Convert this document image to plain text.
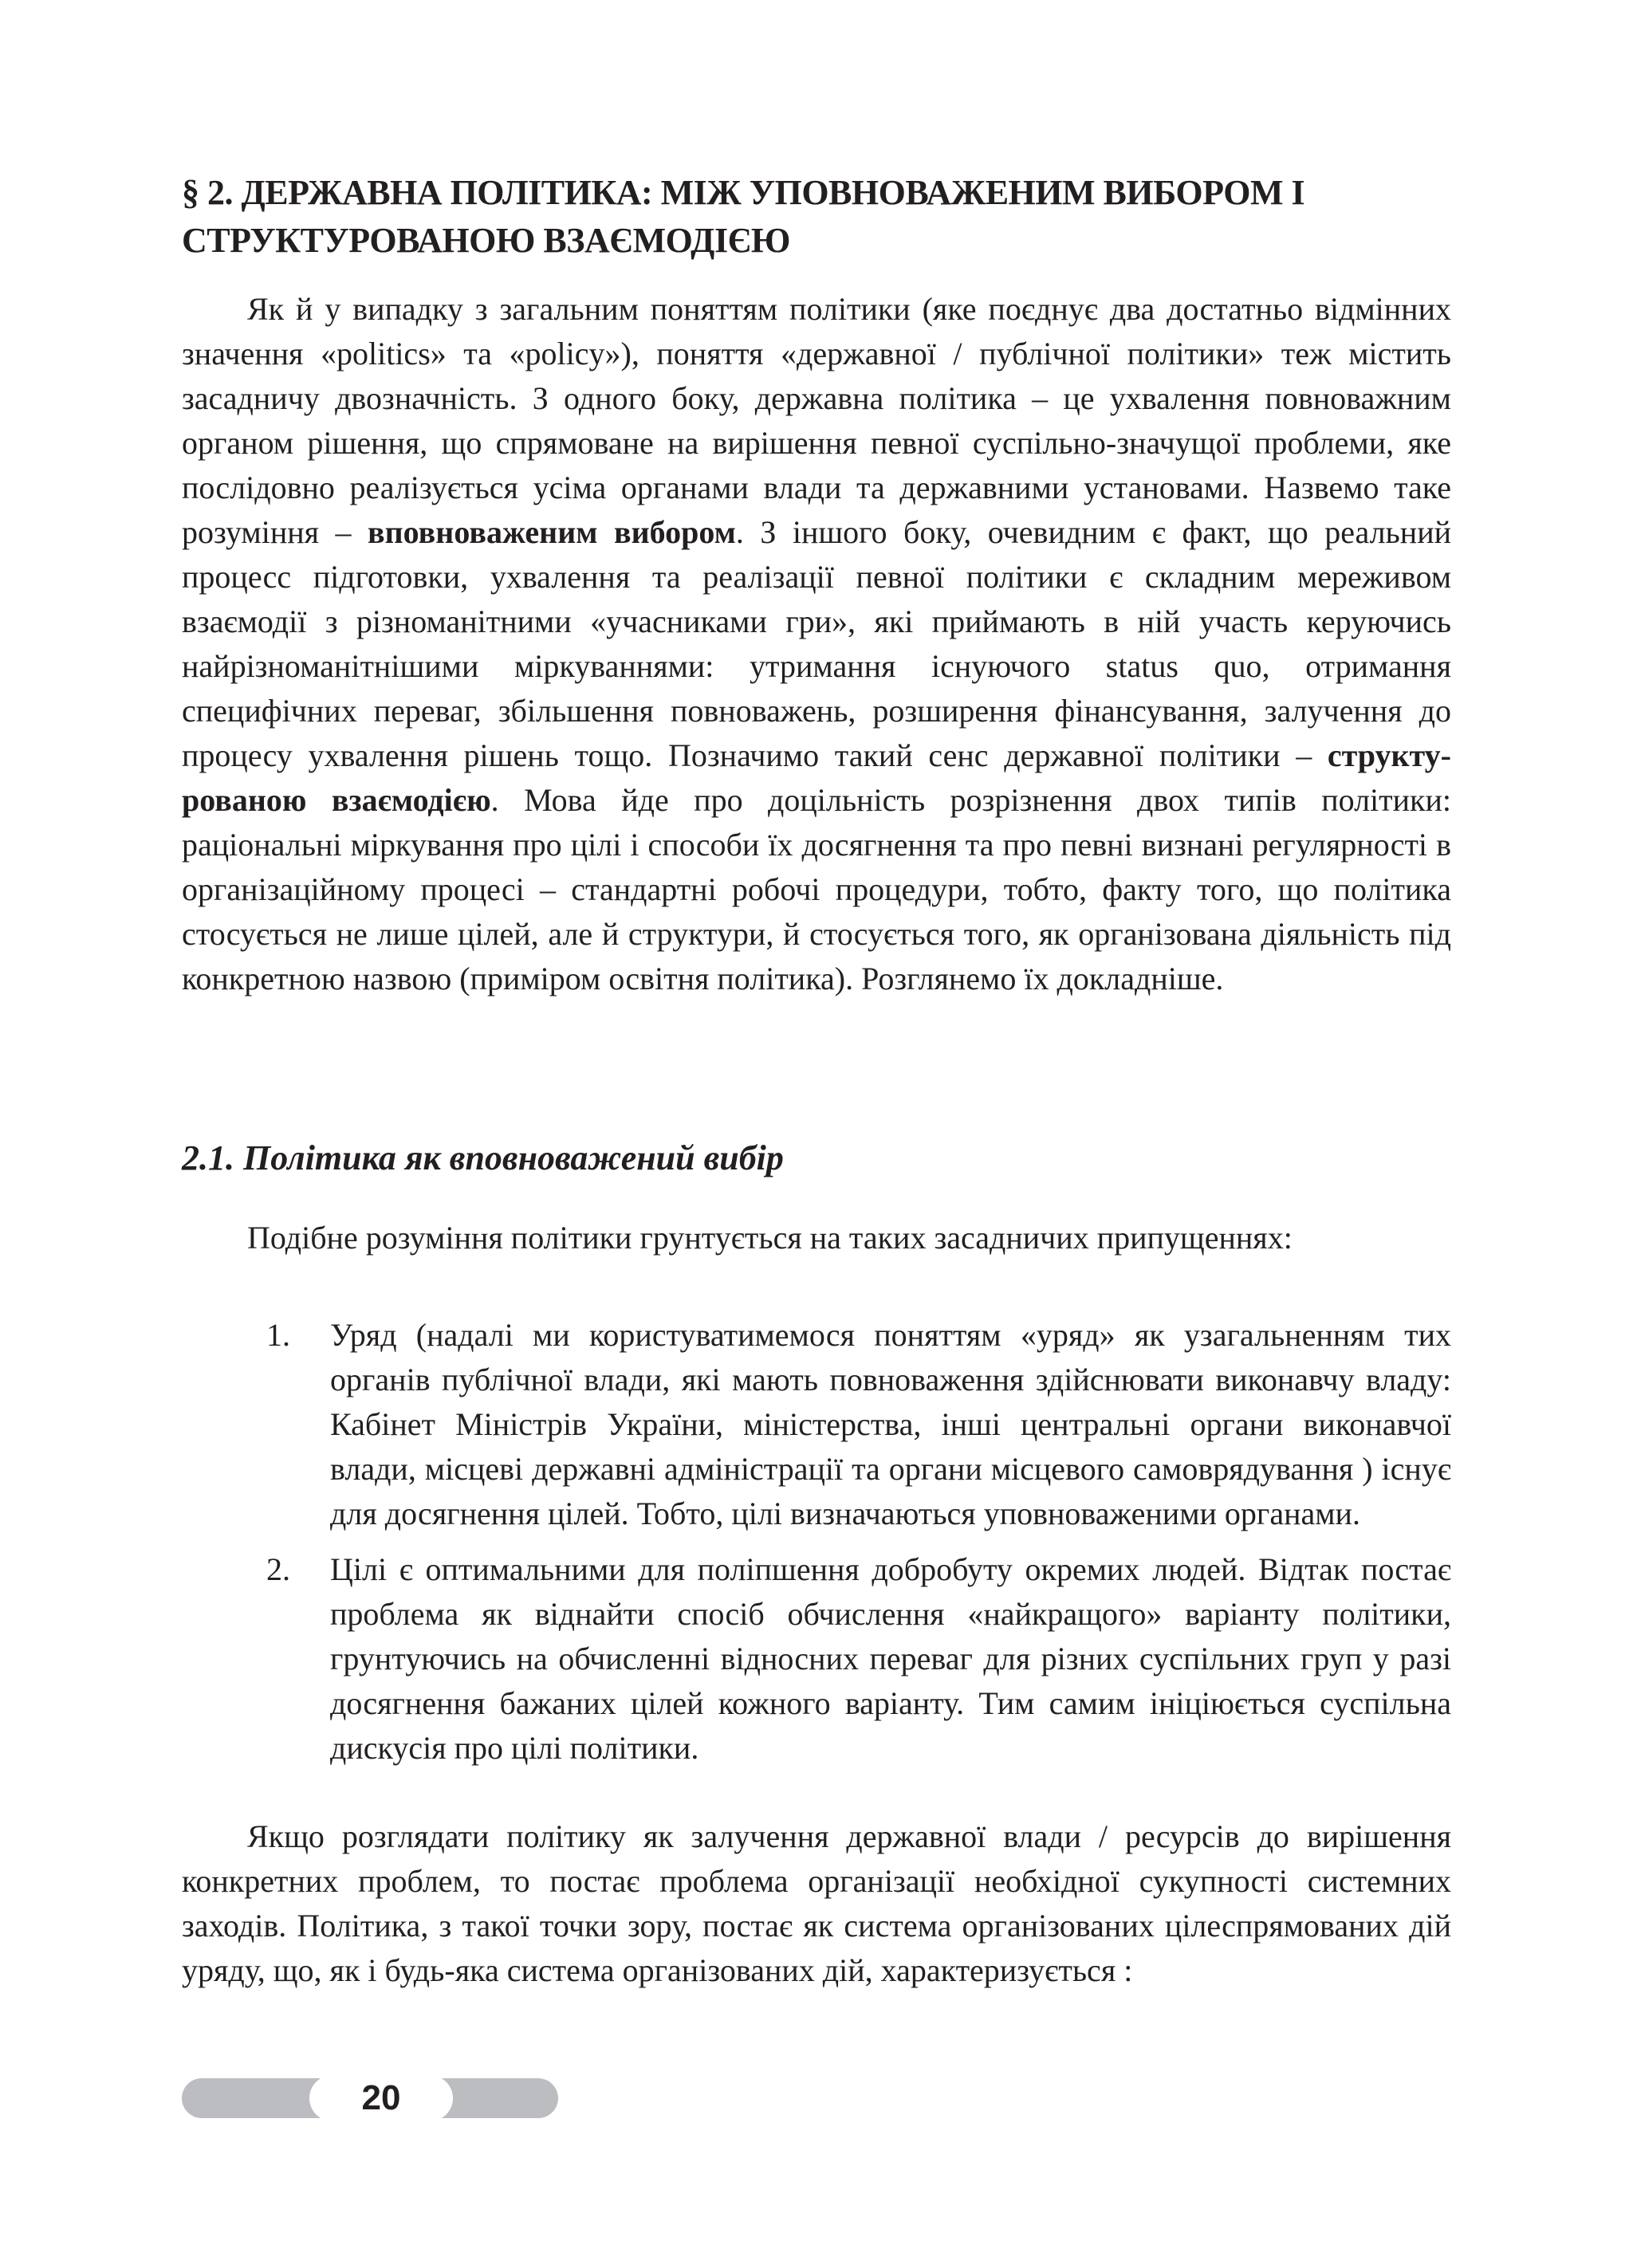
§ 2. ДЕРЖАВНА ПОЛІТИКА: МІЖ УПОВНОВАЖЕНИМ ВИБОРОМ І СТРУКТУРОВАНОЮ ВЗАЄМОДІЄЮ

Як й у випадку з загальним поняттям політики (яке поєднує два достатньо відмінних значення «politics» та «policy»), поняття «державної / публічної політики» теж містить засадничу двозначність. З одного боку, державна політика – це ухвалення повноважним органом рішення, що спрямоване на вирішення певної суспільно-значущої проблеми, яке послідовно реалізується усіма органами влади та державними установами. Назвемо таке розуміння – вповноваженим вибором. З іншого боку, очевидним є факт, що реальний процесс підготовки, ухвалення та реалізації певної політики є складним мереживом взаємодії з різноманітними «учасниками гри», які приймають в ній участь керуючись найрізноманітнішими міркуваннями: утримання існуючого status quo, отримання специфічних переваг, збільшення повноважень, розширення фінансування, залучення до процесу ухвалення рішень тощо. Позначимо такий сенс державної політики – структурованою взаємодією. Мова йде про доцільність розрізнення двох типів політики: раціональні міркування про цілі і способи їх досягнення та про певні визнані регулярності в організаційному процесі – стандартні робочі процедури, тобто, факту того, що політика стосується не лише цілей, але й структури, й стосується того, як організована діяльність під конкретною назвою (приміром освітня політика). Розглянемо їх докладніше.

2.1. Політика як вповноважений вибір

Подібне розуміння політики грунтується на таких засадничих припущеннях:

1. Уряд (надалі ми користуватимемося поняттям «уряд» як узагальненням тих органів публічної влади, які мають повноваження здійснювати виконавчу владу: Кабінет Міністрів України, міністерства, інші центральні органи виконавчої влади, місцеві державні адміністрації та органи місцевого самоврядування ) існує для досягнення цілей. Тобто, цілі визначаються уповноваженими органами.
2. Цілі є оптимальними для поліпшення добробуту окремих людей. Відтак постає проблема як віднайти спосіб обчислення «найкращого» варіанту політики, грунтуючись на обчисленні відносних переваг для різних суспільних груп у разі досягнення бажаних цілей кожного варіанту. Тим самим ініціюється суспільна дискусія про цілі політики.

Якщо розглядати політику як залучення державної влади / ресурсів до вирішення конкретних проблем, то постає проблема організації необхідної сукупності системних заходів. Політика, з такої точки зору, постає як система організованих цілеспрямованих дій уряду, що, як і будь-яка система організованих дій, характеризується :

20
